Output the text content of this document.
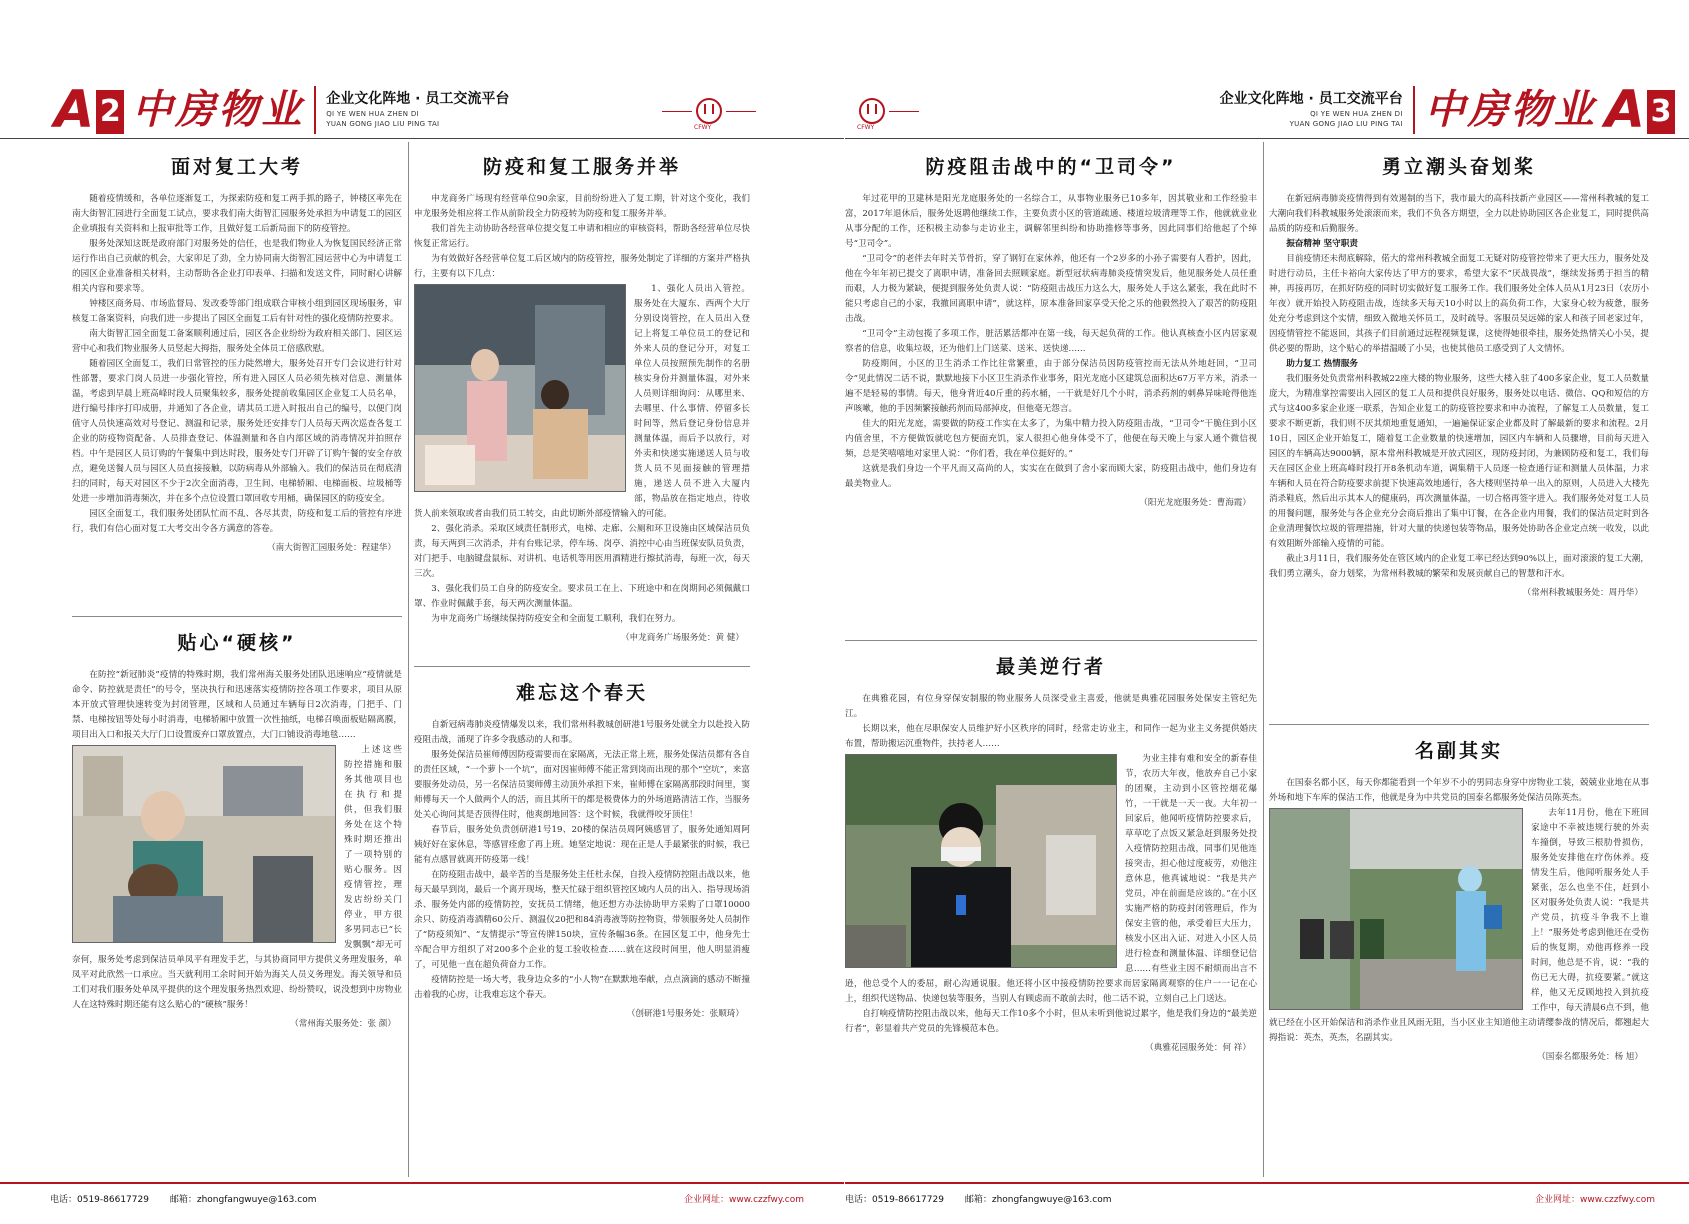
A 2 中房物业 企业文化阵地 · 员工交流平台
QI YE WEN HUA ZHEN DI
YUAN GONG JIAO LIU PING TAI	CFWY
面对复工大考

随着疫情缓和，各单位逐渐复工，为探索防疫和复工两手抓的路子，钟楼区率先在南大街智汇园进行全面复工试点，要求我们南大街智汇园服务处承担为申请复工的园区企业填报有关资料和上报审批等工作，且做好复工后新局面下的防疫管控。

服务处深知这既是政府部门对服务处的信任，也是我们物业人为恢复国民经济正常运行作出自己贡献的机会，大家卯足了劲，全力协同南大街智汇园运营中心为申请复工的园区企业准备相关材料，主动帮助各企业打印表单、扫描和发送文件，同时耐心讲解相关内容和要求等。

钟楼区商务局、市场监督局、发改委等部门组成联合审核小组到园区现场服务，审核复工备案资料，向我们进一步提出了园区全面复工后有针对性的强化疫情防控要求。

南大街智汇园全面复工备案顺利通过后，园区各企业纷纷为政府相关部门、园区运营中心和我们物业服务人员竖起大拇指，服务处全体员工倍感欣慰。

随着园区全面复工，我们日常管控的压力陡然增大，服务处召开专门会议进行针对性部署，要求门岗人员进一步强化管控，所有进入园区人员必须先核对信息、测量体温，考虑到早晨上班高峰时段人员聚集较多，服务处提前收集园区企业复工人员名单，进行编号排序打印成册，并通知了各企业，请其员工进入时报出自己的编号，以便门岗值守人员快速高效对号登记、测温和记录，服务处还安排专门人员每天两次巡查各复工企业的防疫物资配备、人员排查登记、体温测量和各自内部区域的消毒情况并拍照存档。中午是园区人员订购的午餐集中到达时段，服务处专门开辟了订购午餐的安全存放点，避免送餐人员与园区人员直接接触，以防病毒从外部输入。我们的保洁员在彻底清扫的同时，每天对园区不少于2次全面消毒，卫生间、电梯轿厢、电梯面板、垃圾桶等处进一步增加消毒频次，并在多个点位设置口罩回收专用桶，确保园区的防疫安全。

园区全面复工，我们服务处团队忙而不乱、各尽其责，防疫和复工后的管控有序进行，我们有信心面对复工大考交出令各方满意的答卷。

（南大街智汇园服务处：程建华）
贴心“硬核”

在防控“新冠肺炎”疫情的特殊时期，我们常州海关服务处团队迅速响应“疫情就是命令、防控就是责任”的号令，坚决执行和迅速落实疫情防控各项工作要求，项目从原本开放式管理快速转变为封闭管理，区域和人员通过车辆每日2次消毒，门把手、门禁、电梯按钮等处每小时消毒，电梯轿厢中放置一次性抽纸，电梯召唤面板贴隔离膜，项目出入口和报关大厅门口设置废弃口罩放置点，大门口铺设消毒地毯……

上述这些防控措施和服务其他项目也在执行和提供，但我们服务处在这个特殊时期还推出了一项特别的贴心服务。因疫情管控，理发店纷纷关门停业，甲方很多男同志已“长发飘飘”却无可奈何，服务处考虑到保洁员单凤平有理发手艺，与其协商同甲方提供义务理发服务，单凤平对此欣然一口承应。当天就利用工余时间开始为海关人员义务理发。海关领导和员工们对我们服务处单凤平提供的这个理发服务热烈欢迎、纷纷赞叹，说没想到中房物业人在这特殊时期还能有这么贴心的“硬核”服务！

（常州海关服务处：张 颜）
防疫和复工服务并举

申龙商务广场现有经营单位90余家，目前纷纷进入了复工期，针对这个变化，我们申龙服务处相应将工作从前阶段全力防疫转为防疫和复工服务并举。

我们首先主动协助各经营单位提交复工申请和相应的审核资料，帮助各经营单位尽快恢复正常运行。

为有效做好各经营单位复工后区域内的防疫管控，服务处制定了详细的方案并严格执行，主要有以下几点：

1、强化人员出入管控。服务处在大厦东、西两个大厅分别设岗管控，在人员出入登记上将复工单位员工的登记和外来人员的登记分开，对复工单位人员按照预先制作的名册核实身份并测量体温，对外来人员则详细询问：从哪里来、去哪里、什么事情、停留多长时间等，然后登记身份信息并测量体温，而后予以放行，对外卖和快递实施递送人员与收货人员不见面接触的管理措施，递送人员不进入大厦内部，物品放在指定地点，待收货人前来领取或者由我们员工转交，由此切断外部疫情输入的可能。

2、强化消杀。采取区域责任制形式，电梯、走廊、公厕和环卫设施由区域保洁员负责，每天两到三次消杀，并有台账记录，停车场、岗亭、消控中心由当班保安队员负责，对门把手、电脑键盘鼠标、对讲机、电话机等用医用酒精进行擦拭消毒，每班一次，每天三次。

3、强化我们员工自身的防疫安全。要求员工在上、下班途中和在岗期间必须佩戴口罩、作业时佩戴手套，每天两次测量体温。

为申龙商务广场继续保持防疫安全和全面复工顺利，我们在努力。

（申龙商务广场服务处：黄 健）
难忘这个春天

自新冠病毒肺炎疫情爆发以来，我们常州科教城创研港1号服务处就全力以赴投入防疫阻击战，涌现了许多令我感动的人和事。

服务处保洁员崔师傅因防疫需要而在家隔离，无法正常上班，服务处保洁员都有各自的责任区域，“一个萝卜一个坑”，面对因崔师傅不能正常到岗而出现的那个“空坑”，来富要服务处动员，另一名保洁员窦师傅主动顶外承担下来，崔师傅在家隔离那段时间里，窦师傅每天一个人做两个人的活，而且其所干的都是极费体力的外场道路清洁工作，当服务处关心询问其是否顶得住时，他爽朗地回答：这个时候，我就得咬牙顶住！

春节后，服务处负责创研港1号19、20楼的保洁员周阿姨感冒了，服务处通知周阿姨好好在家休息，等感冒痊愈了再上班。她坚定地说：现在正是人手最紧张的时候，我已能有点感冒就离开防疫第一线！

在防疫阻击战中，最辛苦的当是服务处主任杜永保，自投入疫情防控阻击战以来，他每天最早到岗，最后一个离开现场，整天忙碌于组织管控区域内人员的出入、指导现场消杀、服务处内部的疫情防控，安抚员工情绪，他还想方办法协助甲方采购了口罩10000余只、防疫消毒酒精60公斤、测温仪20把和84消毒液等防控物资，带领服务处人员制作了“防疫须知”、“友情提示”等宣传牌150块，宣传条幅36条。在园区复工中，他身先士卒配合甲方组织了对200多个企业的复工验收检查……就在这段时间里，他人明显消瘦了，可见他一直在超负荷奋力工作。

疫情防控是一场大考，我身边众多的“小人物”在默默地奉献，点点滴滴的感动不断撞击着我的心房，让我难忘这个春天。

（创研港1号服务处：张顺琦）
电话：0519-86617729 邮箱：zhongfangwuye@163.com	企业网址：www.czzfwy.com
企业文化阵地 · 员工交流平台
QI YE WEN HUA ZHEN DI
YUAN GONG JIAO LIU PING TAI 中房物业 A 3
CFWY
防疫阻击战中的“卫司令”

年过花甲的卫建林是阳光龙庭服务处的一名综合工，从事物业服务已10多年，因其敬业和工作经验丰富，2017年退休后，服务处返聘他继续工作，主要负责小区的管道疏通、楼道垃圾清理等工作，他就就业业从事分配的工作，还积极主动参与走访业主，调解邻里纠纷和协助推修等事务，因此同事们给他起了个绰号“卫司令”。

“卫司令”的老伴去年时关节骨折，穿了钢钉在家休养，他还有一个2岁多的小孙子需要有人看护，因此，他在今年年初已提交了离职申请，准备回去照顾家庭。新型冠状病毒肺炎疫情突发后，他见服务处人员任重而艰，人力极为紧缺，便提到服务处负责人说：“防疫阻击战压力这么大，服务处人手这么紧张，我在此时不能只考虑自己的小家，我撤回离职申请”，就这样，原本准备回家享受天伦之乐的他毅然投入了艰苦的防疫阻击战。

“卫司令”主动包揽了多项工作，脏活累活都冲在第一线，每天起负荷的工作。他认真核查小区内居家观察者的信息，收集垃圾，还为他们上门送菜、送米、送快递……

防疫期间，小区的卫生消杀工作比往常繁重，由于部分保洁员因防疫管控而无法从外地赶回，“卫司令”见此情况二话不说，默默地接下小区卫生消杀作业事务，阳光龙庭小区建筑总面积达67万平方米，消杀一遍不是轻易的事情。每天，他身背近40斤重的药水桶，一干就是好几个小时，消杀药剂的刺鼻异味呛得他连声咳嗽，他的手因频繁接触药剂而局部掉皮，但他毫无怨言。

佳大的阳光龙庭，需要做的防疫工作实在太多了，为集中精力投入防疫阻击战，“卫司令”干脆住到小区内值舍里，不方便做饭就吃包方便面充饥，家人很担心他身体受不了，他便在每天晚上与家人通个微信视频，总是笑嘻嘻地对家里人说：“你们看，我在单位挺好的。”

这就是我们身边一个平凡而又高尚的人，实实在在做到了舍小家而顾大家，防疫阻击战中，他们身边有最美物业人。

（阳光龙庭服务处：曹海霞）
最美逆行者

在典雅花园，有位身穿保安制服的物业服务人员深受业主喜爱，他就是典雅花园服务处保安主管纪先江。

长期以来，他在尽职保安人员维护好小区秩序的同时，经常走访业主，和同作一起为业主义务提供婚庆布置，帮助搬运沉重物件，扶持老人……

为业主排有难和安全的新春佳节，农历大年夜，他放弃自己小家的团聚，主动到小区管控烟花爆竹，一干就是一天一夜。大年初一回家后，他闻听疫情防控要求后，草草吃了点饭又紧急赶到服务处投入疫情防控阻击战，同事们见他连接突击，担心他过度疲劳，劝他注意休息，他真诚地说：“我是共产党员，冲在前面是应该的。”在小区实施严格的防疫封闭管理后，作为保安主管的他，承受着巨大压力，核发小区出入证、对进入小区人员进行检查和测量体温、详细登记信息……有些业主因不耐烦而出言不逊，他总受个人的委屈，耐心沟通说服。他还将小区中接疫情防控要求而居家隔离观察的住户一一记在心上，组织代送物品、快递包装等服务，当别人有顾虑而不敢前去时，他二话不说，立刻自己上门送达。

自打响疫情防控阻击战以来，他每天工作10多个小时，但从未听到他说过累字，他是我们身边的“最美逆行者”，彰显着共产党员的先锋模范本色。

（典雅花园服务处：何 祥）
勇立潮头奋划桨

在新冠病毒肺炎疫情得到有效遏制的当下，我市最大的高科技新产业园区——常州科教城的复工大潮向我们科教城服务处滚滚而来，我们不负各方期望，全力以赴协助园区各企业复工，同时提供高品质的防疫和后勤服务。

振奋精神 坚守职责

目前疫情还未彻底解除，偌大的常州科教城全面复工无疑对防疫管控带来了更大压力，服务处及时进行动员，主任卡裕向大家传达了甲方的要求，希望大家不“厌战畏战”，继续发扬勇于担当的精神，再接再厉，在抓好防疫的同时切实做好复工服务工作。我们服务处全体人员从1月23日（农历小年夜）就开始投入防疫阻击战，连续多天每天10小时以上的高负荷工作，大家身心较为疲惫，服务处充分考虑到这个实情，细致入微地关怀员工，及时疏导。客服员吴远娣的家人和孩子回老家过年，因疫情管控不能返回，其孩子们目前通过远程视频复课，这使得她很牵挂，服务处热情关心小吴，提供必要的帮助，这个贴心的举措温暖了小吴，也使其他员工感受到了人文情怀。

助力复工 热情服务

我们服务处负责常州科教城22座大楼的物业服务，这些大楼入驻了400多家企业，复工人员数量庞大，为精准掌控需要出入园区的复工人员和提供良好服务，服务处以电话、微信、QQ和短信的方式与这400多家企业逐一联系，告知企业复工的防疫管控要求和申办流程，了解复工人员数量，复工要求不断更新，我们则不厌其烦地重复通知，一遍遍保证家企业都及时了解最新的要求和流程。2月10日，园区企业开始复工，随着复工企业数量的快速增加，园区内车辆和人员骤增，目前每天进入园区的车辆高达9000辆，原本常州科教城是开放式园区，现防疫封闭，为兼顾防疫和复工，我们每天在园区企业上班高峰时段打开8条机动车道，调集精干人员逐一检查通行证和测量人员体温，力求车辆和人员在符合防疫要求前提下快速高效地通行，各大楼则坚持单一出入的原则，人员进入大楼先消杀鞋底，然后出示其本人的健康码，再次测量体温，一切合格再签字进入。我们服务处对复工人员的用餐问题，服务处与各企业充分会商后推出了集中订餐，在各企业内用餐，我们的保洁员定时到各企业清理餐饮垃圾的管理措施，针对大量的快递包装等物品，服务处协助各企业定点统一收发，以此有效阻断外部输入疫情的可能。

截止3月11日，我们服务处在管区域内的企业复工率已经达到90%以上，面对滚滚的复工大潮，我们勇立潮头，奋力划桨，为常州科教城的繁荣和发展贡献自己的智慧和汗水。

（常州科教城服务处：周丹华）
名副其实

在国泰名都小区，每天你都能看到一个年岁不小的男同志身穿中房物业工装，兢兢业业地在从事外场和地下车库的保洁工作，他就是身为中共党员的国泰名都服务处保洁员陈英杰。

去年11月份，他在下班回家途中不幸被违规行驶的外卖车撞倒，导致三根肋骨损伤，服务处安排他在疗伤休养。疫情发生后，他闻听服务处人手紧张，怎么也坐不住，赶到小区对服务处负责人说：“我是共产党员，抗疫斗争我不上谁上！”服务处考虑到他还在受伤后的恢复期，劝他再修养一段时间，他总是不肯，说：“我的伤已无大碍，抗疫要紧。”就这样，他又无反顾地投入到抗疫工作中，每天清晨6点不到，他就已经在小区开始保洁和消杀作业且风雨无阻，当小区业主知道他主动请缨参战的情况后，都翘起大拇指说：英杰，英杰，名副其实。

（国泰名都服务处：杨 旭）
电话：0519-86617729 邮箱：zhongfangwuye@163.com	企业网址：www.czzfwy.com
